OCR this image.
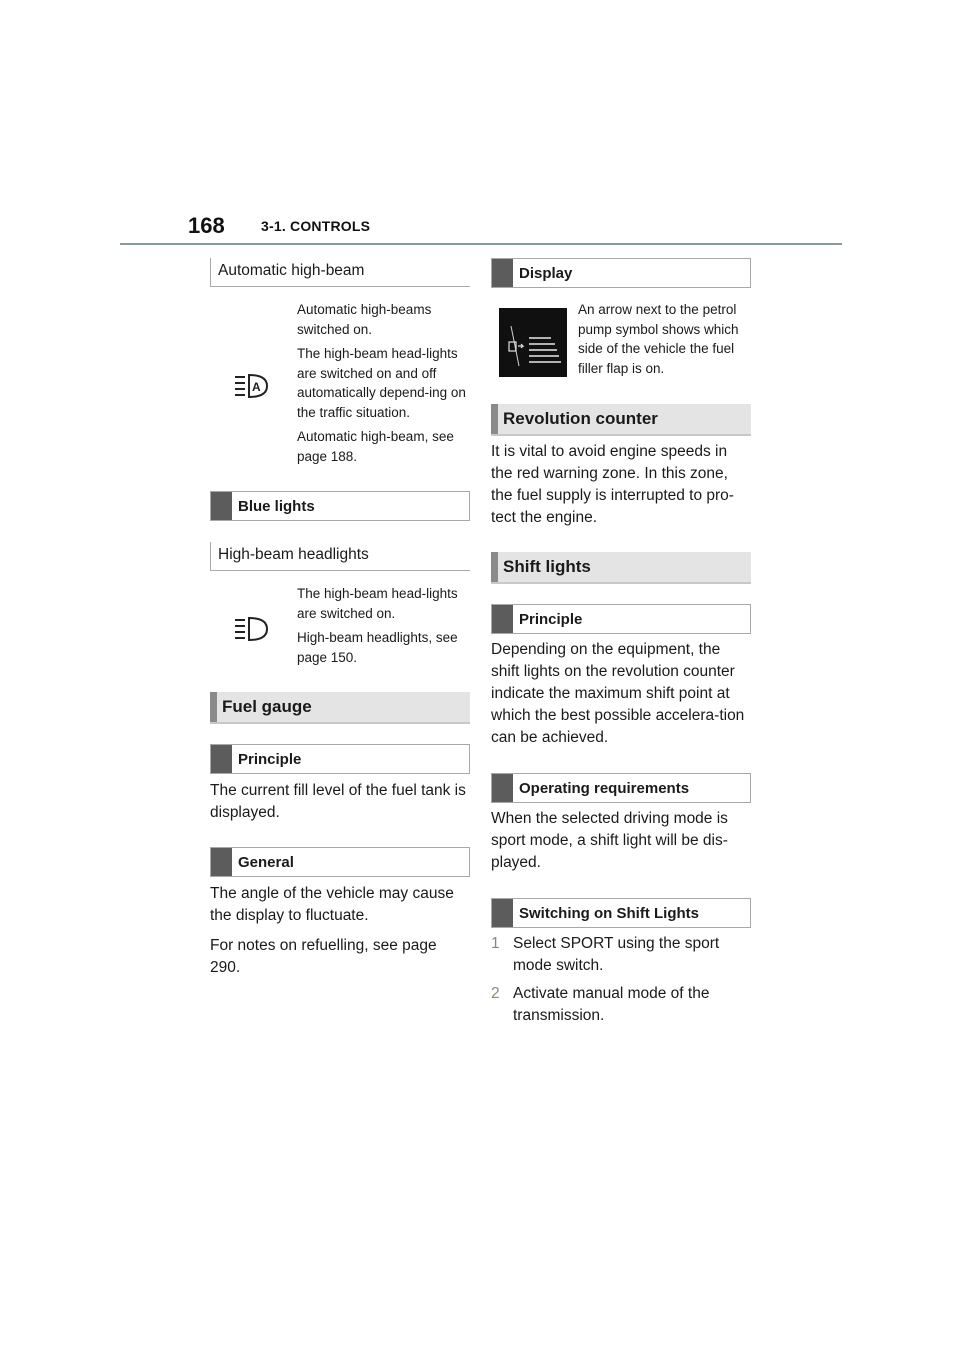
168	3-1. CONTROLS
Automatic high-beam
A

Automatic high-beams switched on.

The high-beam head-lights are switched on and off automatically depend-ing on the traffic situation.

Automatic high-beam, see page 188.

Blue lights
High-beam headlights

The high-beam head-lights are switched on.

High-beam headlights, see page 150.

Fuel gauge
Principle

The current fill level of the fuel tank is displayed.

General

The angle of the vehicle may cause the display to fluctuate.

For notes on refuelling, see page 290.

Display

An arrow next to the petrol pump symbol shows which side of the vehicle the fuel filler flap is on.

Revolution counter

It is vital to avoid engine speeds in the red warning zone. In this zone, the fuel supply is interrupted to pro-tect the engine.

Shift lights
Principle

Depending on the equipment, the shift lights on the revolution counter indicate the maximum shift point at which the best possible accelera-tion can be achieved.

Operating requirements

When the selected driving mode is sport mode, a shift light will be dis-played.

Switching on Shift Lights
1 Select SPORT using the sport mode switch.
2 Activate manual mode of the transmission.
